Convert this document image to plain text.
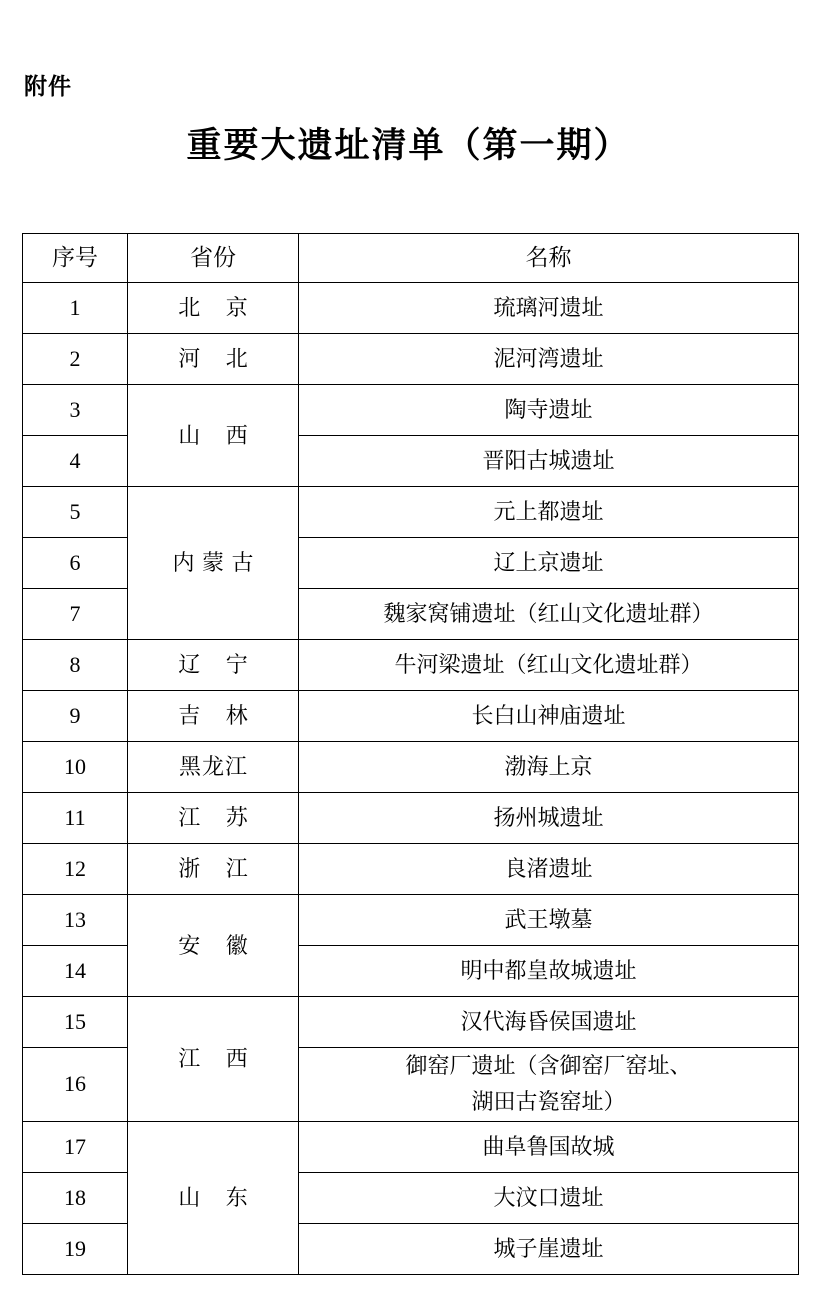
附件
重要大遗址清单（第一期）
序号	省份	名称
1	北 京	琉璃河遗址
2	河 北	泥河湾遗址
3	山 西	陶寺遗址
4		晋阳古城遗址
5	内 蒙 古	元上都遗址
6		辽上京遗址
7		魏家窝铺遗址（红山文化遗址群）
8	辽 宁	牛河梁遗址（红山文化遗址群）
9	吉 林	长白山神庙遗址
10	黑龙江	渤海上京
11	江 苏	扬州城遗址
12	浙 江	良渚遗址
13	安 徽	武王墩墓
14		明中都皇故城遗址
15	江 西	汉代海昏侯国遗址
16		御窑厂遗址（含御窑厂窑址、
湖田古瓷窑址）

17	山 东	曲阜鲁国故城
18		大汶口遗址
19		城子崖遗址
